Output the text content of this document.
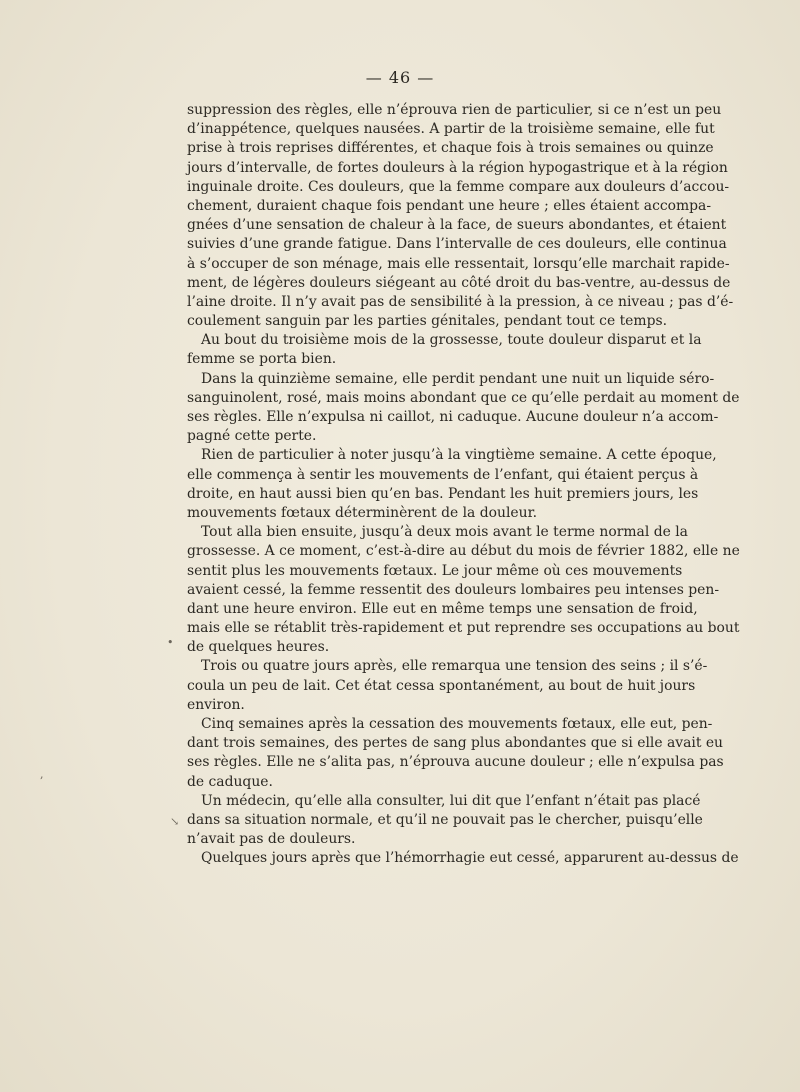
— 46 —
suppression des règles, elle n’éprouva rien de particulier, si ce n’est un peu
d’inappétence, quelques nausées. A partir de la troisième semaine, elle fut
prise à trois reprises différentes, et chaque fois à trois semaines ou quinze
jours d’intervalle, de fortes douleurs à la région hypogastrique et à la région
inguinale droite. Ces douleurs, que la femme compare aux douleurs d’accou-
chement, duraient chaque fois pendant une heure ; elles étaient accompa-
gnées d’une sensation de chaleur à la face, de sueurs abondantes, et étaient
suivies d’une grande fatigue. Dans l’intervalle de ces douleurs, elle continua
à s’occuper de son ménage, mais elle ressentait, lorsqu’elle marchait rapide-
ment, de légères douleurs siégeant au côté droit du bas-ventre, au-dessus de
l’aine droite. Il n’y avait pas de sensibilité à la pression, à ce niveau ; pas d’é-
coulement sanguin par les parties génitales, pendant tout ce temps.
Au bout du troisième mois de la grossesse, toute douleur disparut et la
femme se porta bien.
Dans la quinzième semaine, elle perdit pendant une nuit un liquide séro-
sanguinolent, rosé, mais moins abondant que ce qu’elle perdait au moment de
ses règles. Elle n’expulsa ni caillot, ni caduque. Aucune douleur n’a accom-
pagné cette perte.
Rien de particulier à noter jusqu’à la vingtième semaine. A cette époque,
elle commença à sentir les mouvements de l’enfant, qui étaient perçus à
droite, en haut aussi bien qu’en bas. Pendant les huit premiers jours, les
mouvements fœtaux déterminèrent de la douleur.
Tout alla bien ensuite, jusqu’à deux mois avant le terme normal de la
grossesse. A ce moment, c’est-à-dire au début du mois de février 1882, elle ne
sentit plus les mouvements fœtaux. Le jour même où ces mouvements
avaient cessé, la femme ressentit des douleurs lombaires peu intenses pen-
dant une heure environ. Elle eut en même temps une sensation de froid,
mais elle se rétablit très-rapidement et put reprendre ses occupations au bout
de quelques heures.
Trois ou quatre jours après, elle remarqua une tension des seins ; il s’é-
coula un peu de lait. Cet état cessa spontanément, au bout de huit jours
environ.
Cinq semaines après la cessation des mouvements fœtaux, elle eut, pen-
dant trois semaines, des pertes de sang plus abondantes que si elle avait eu
ses règles. Elle ne s’alita pas, n’éprouva aucune douleur ; elle n’expulsa pas
de caduque.
Un médecin, qu’elle alla consulter, lui dit que l’enfant n’était pas placé
dans sa situation normale, et qu’il ne pouvait pas le chercher, puisqu’elle
n’avait pas de douleurs.
Quelques jours après que l’hémorrhagie eut cessé, apparurent au-dessus de
•
↘
,
